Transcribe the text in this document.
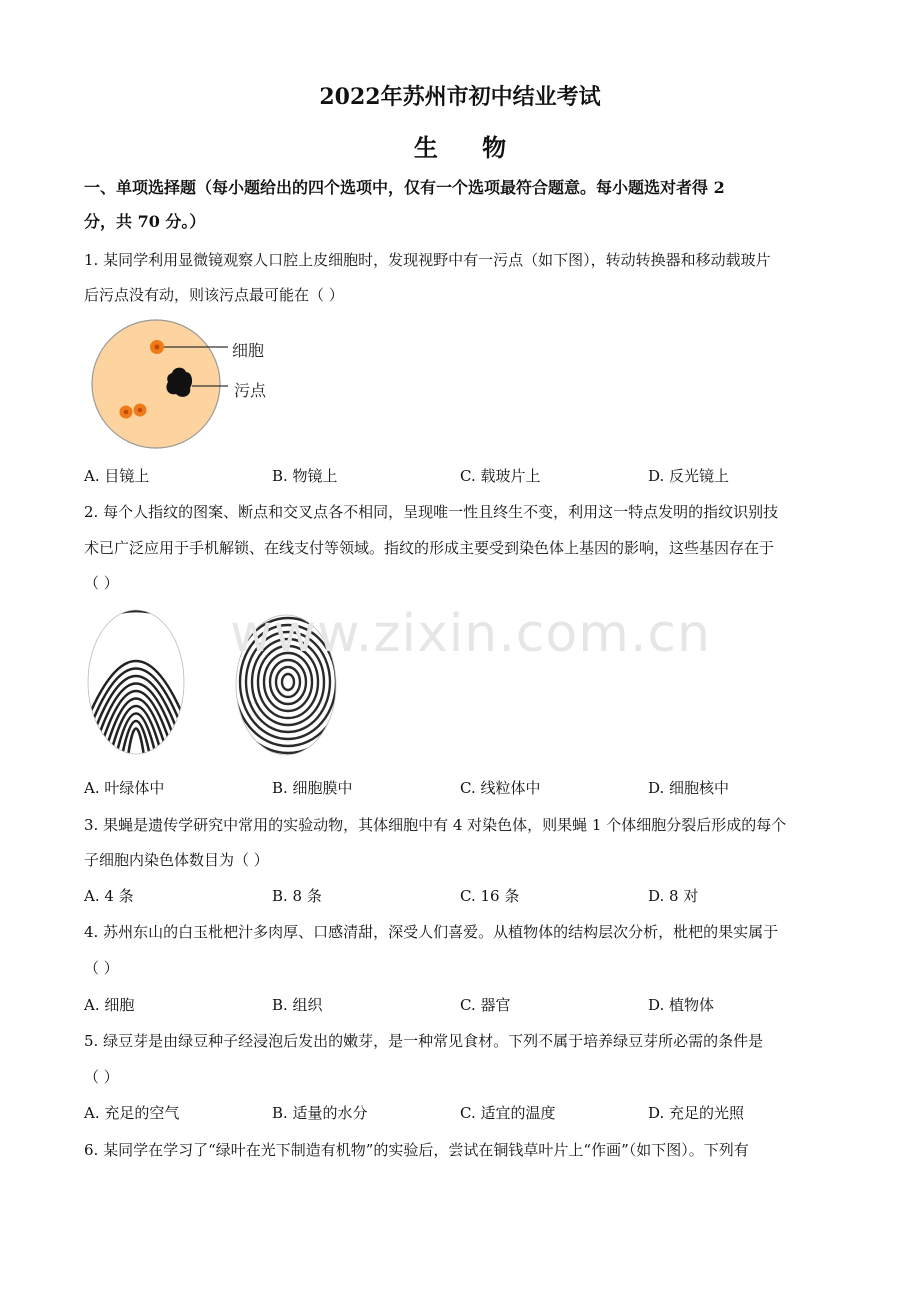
2022年苏州市初中结业考试
生 物
一、单项选择题（每小题给出的四个选项中，仅有一个选项最符合题意。每小题选对者得 2
分，共 70 分。）
1. 某同学利用显微镜观察人口腔上皮细胞时，发现视野中有一污点（如下图），转动转换器和移动载玻片
后污点没有动，则该污点最可能在（ ）
细胞
污点
A. 目镜上	B. 物镜上	C. 载玻片上	D. 反光镜上
2. 每个人指纹的图案、断点和交叉点各不相同，呈现唯一性且终生不变，利用这一特点发明的指纹识别技
术已广泛应用于手机解锁、在线支付等领域。指纹的形成主要受到染色体上基因的影响，这些基因存在于
（ ）
www.zixin.com.cn
A. 叶绿体中	B. 细胞膜中	C. 线粒体中	D. 细胞核中
3. 果蝇是遗传学研究中常用的实验动物，其体细胞中有 4 对染色体，则果蝇 1 个体细胞分裂后形成的每个
子细胞内染色体数目为（ ）
A. 4 条	B. 8 条	C. 16 条	D. 8 对
4. 苏州东山的白玉枇杷汁多肉厚、口感清甜，深受人们喜爱。从植物体的结构层次分析，枇杷的果实属于
（ ）
A. 细胞	B. 组织	C. 器官	D. 植物体
5. 绿豆芽是由绿豆种子经浸泡后发出的嫩芽，是一种常见食材。下列不属于培养绿豆芽所必需的条件是
（ ）
A. 充足的空气	B. 适量的水分	C. 适宜的温度	D. 充足的光照
6. 某同学在学习了“绿叶在光下制造有机物”的实验后，尝试在铜钱草叶片上“作画”（如下图）。下列有
